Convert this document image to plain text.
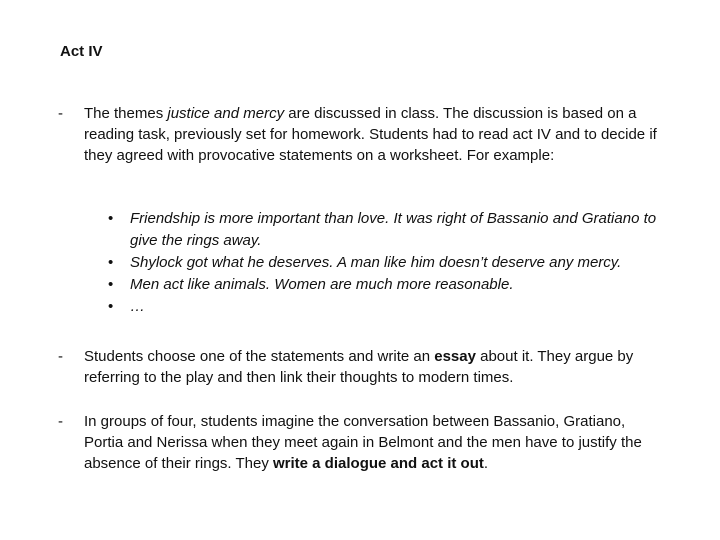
Act IV
- The themes justice and mercy are discussed in class. The discussion is based on a reading task, previously set for homework. Students had to read act IV and to decide if they agreed with provocative statements on a worksheet. For example:
• Friendship is more important than love. It was right of Bassanio and Gratiano to give the rings away.
• Shylock got what he deserves. A man like him doesn’t deserve any mercy.
• Men act like animals. Women are much more reasonable.
• …
- Students choose one of the statements and write an essay about it. They argue by referring to the play and then link their thoughts to modern times.
- In groups of four, students imagine the conversation between Bassanio, Gratiano, Portia and Nerissa when they meet again in Belmont and the men have to justify the absence of their rings. They write a dialogue and act it out.
